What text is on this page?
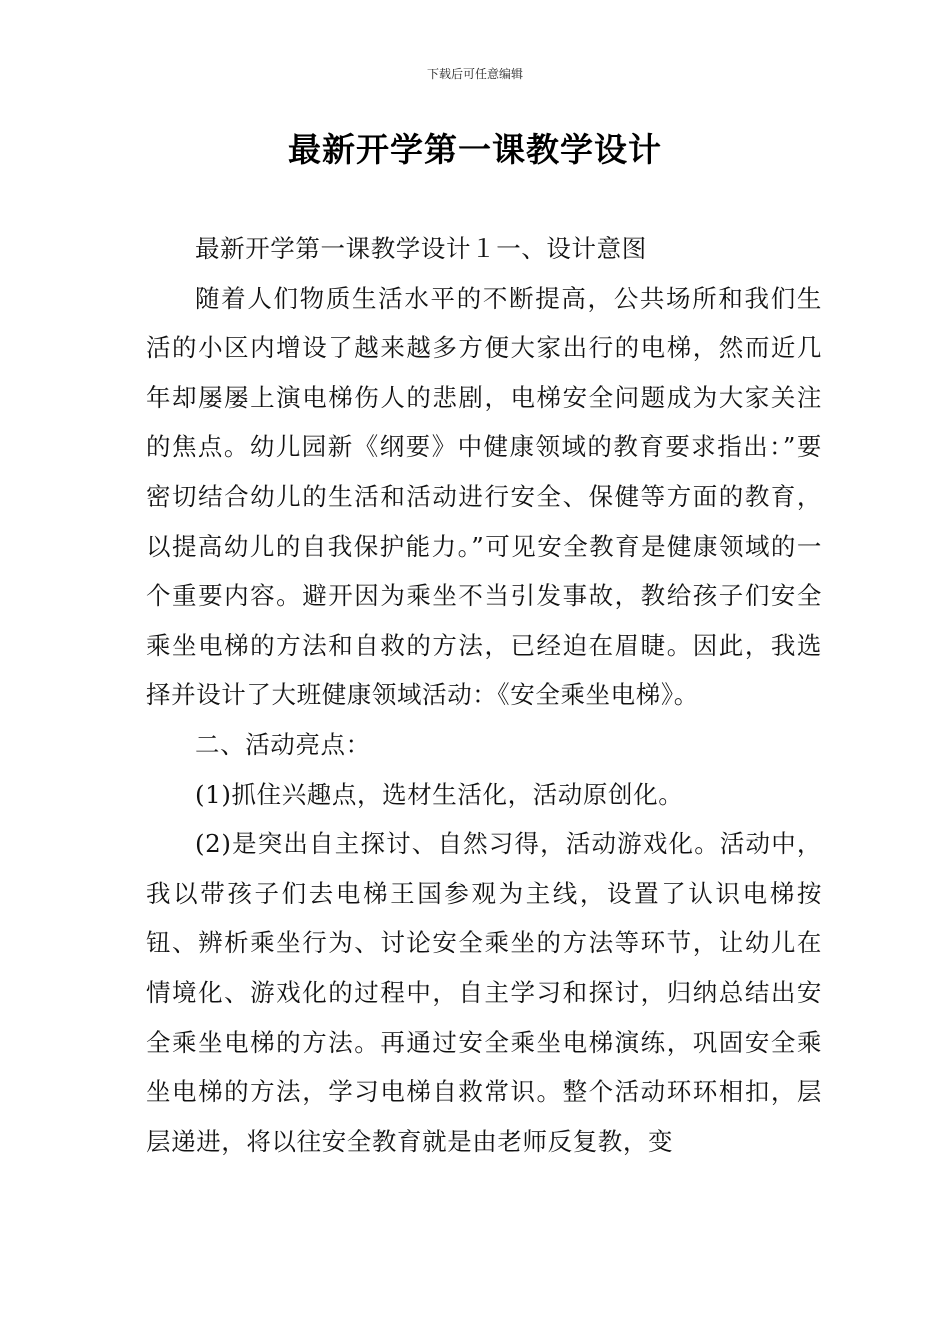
下载后可任意编辑
最新开学第一课教学设计

最新开学第一课教学设计１一、设计意图

随着人们物质生活水平的不断提高，公共场所和我们生活的小区内增设了越来越多方便大家出行的电梯，然而近几年却屡屡上演电梯伤人的悲剧，电梯安全问题成为大家关注的焦点。幼儿园新《纲要》中健康领域的教育要求指出：”要密切结合幼儿的生活和活动进行安全、保健等方面的教育，以提高幼儿的自我保护能力。”可见安全教育是健康领域的一个重要内容。避开因为乘坐不当引发事故，教给孩子们安全乘坐电梯的方法和自救的方法，已经迫在眉睫。因此，我选择并设计了大班健康领域活动：《安全乘坐电梯》。

二、活动亮点：

(1)抓住兴趣点，选材生活化，活动原创化。

(2)是突出自主探讨、自然习得，活动游戏化。活动中，我以带孩子们去电梯王国参观为主线，设置了认识电梯按钮、辨析乘坐行为、讨论安全乘坐的方法等环节，让幼儿在情境化、游戏化的过程中，自主学习和探讨，归纳总结出安全乘坐电梯的方法。再通过安全乘坐电梯演练，巩固安全乘坐电梯的方法，学习电梯自救常识。整个活动环环相扣，层层递进，将以往安全教育就是由老师反复教，变
